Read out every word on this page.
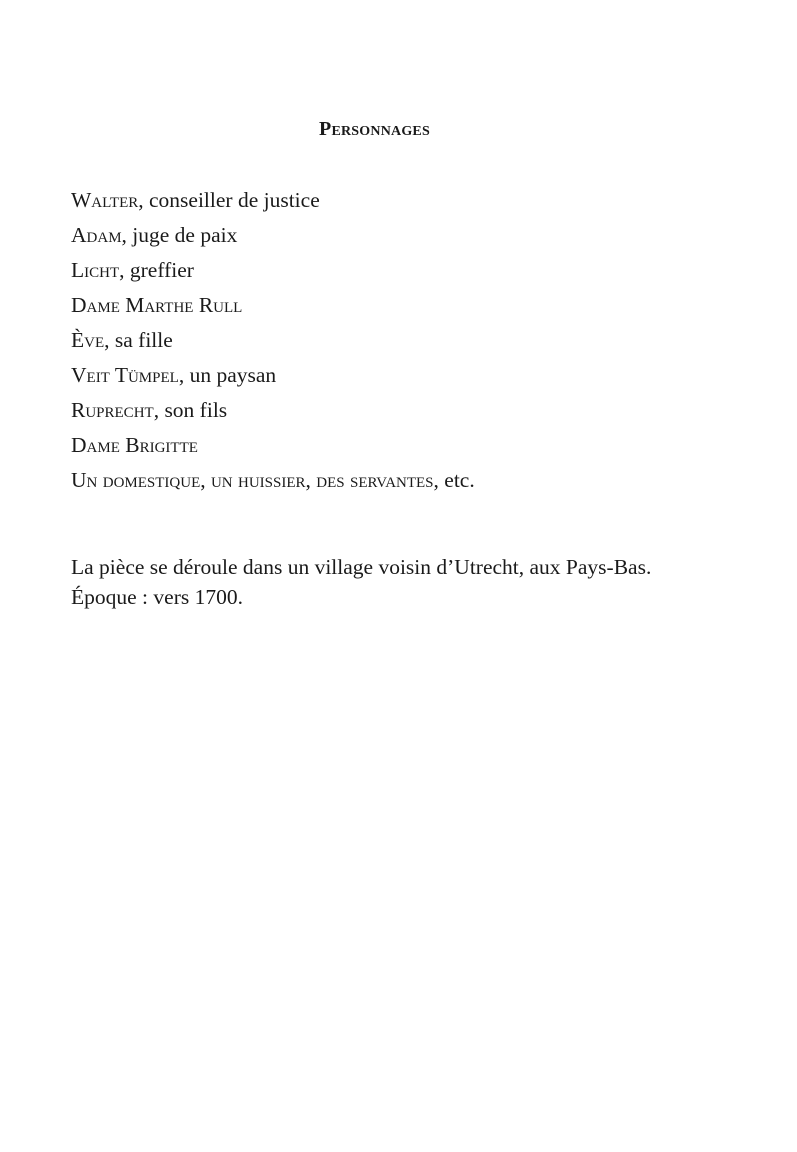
Personnages
Walter, conseiller de justice
Adam, juge de paix
Licht, greffier
Dame Marthe Rull
Ève, sa fille
Veit Tümpel, un paysan
Ruprecht, son fils
Dame Brigitte
Un domestique, un huissier, des servantes, etc.

La pièce se déroule dans un village voisin d’Utrecht, aux Pays-Bas.
Époque : vers 1700.
